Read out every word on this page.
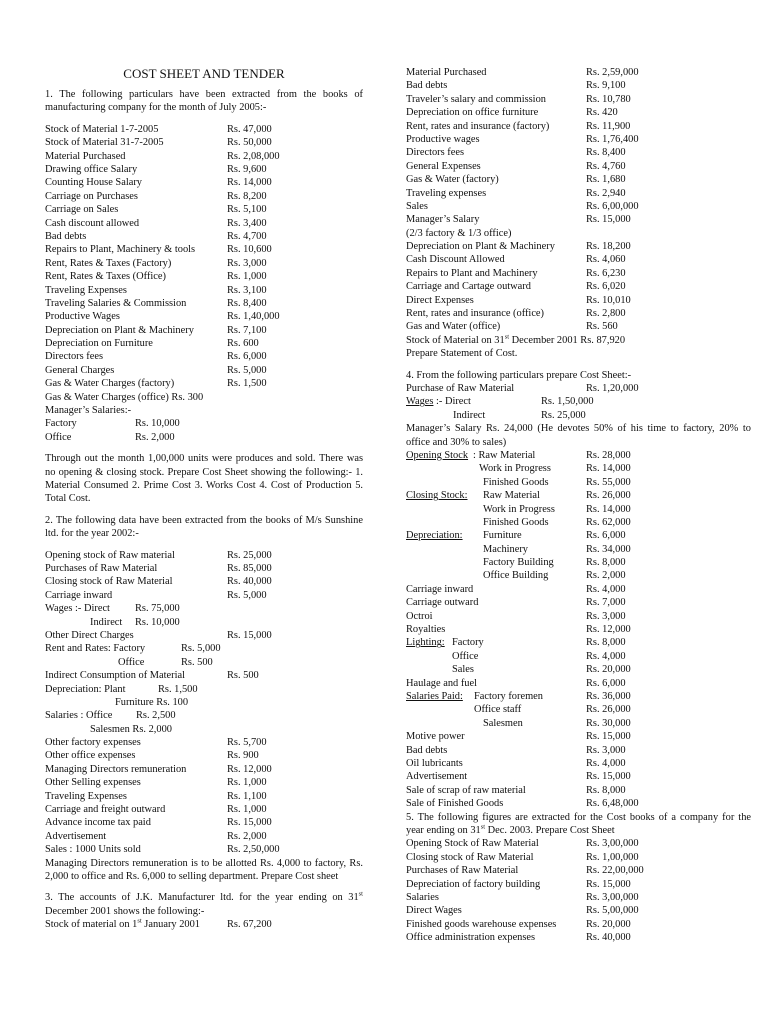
COST SHEET AND TENDER
1. The following particulars have been extracted from the books of manufacturing company for the month of July 2005:-
Stock of Material 1-7-2005	Rs. 47,000
Stock of Material 31-7-2005	Rs. 50,000
Material Purchased	Rs. 2,08,000
Drawing office Salary	Rs. 9,600
Counting House Salary	Rs. 14,000
Carriage on Purchases	Rs. 8,200
Carriage on Sales	Rs. 5,100
Cash discount allowed	Rs. 3,400
Bad debts	Rs. 4,700
Repairs to Plant, Machinery & tools	Rs. 10,600
Rent, Rates & Taxes (Factory)	Rs. 3,000
Rent, Rates & Taxes (Office)	Rs. 1,000
Traveling Expenses	Rs. 3,100
Traveling Salaries & Commission	Rs. 8,400
Productive Wages	Rs. 1,40,000
Depreciation on Plant & Machinery	Rs. 7,100
Depreciation on Furniture	Rs. 600
Directors fees	Rs. 6,000
General Charges	Rs. 5,000
Gas & Water Charges (factory)	Rs. 1,500
Gas & Water Charges (office) Rs. 300
Manager’s Salaries:-
Factory	Rs. 10,000
Office	Rs. 2,000
Through out the month 1,00,000 units were produces and sold. There was no opening & closing stock. Prepare Cost Sheet showing the following:- 1. Material Consumed 2. Prime Cost 3. Works Cost 4. Cost of Production 5. Total Cost.
2. The following data have been extracted from the books of M/s Sunshine ltd. for the year 2002:-
Opening stock of Raw material	Rs. 25,000
Purchases of Raw Material	Rs. 85,000
Closing stock of Raw Material	Rs. 40,000
Carriage inward	Rs. 5,000
Wages :- Direct Rs. 75,000
Indirect Rs. 10,000
Other Direct Charges	Rs. 15,000
Rent and Rates: Factory	Rs. 5,000
Office	Rs. 500
Indirect Consumption of Material	Rs. 500
Depreciation: Plant	Rs. 1,500
Furniture Rs. 100
Salaries : Office Rs. 2,500
Salesmen Rs. 2,000
Other factory expenses	Rs. 5,700
Other office expenses	Rs. 900
Managing Directors remuneration	Rs. 12,000
Other Selling expenses	Rs. 1,000
Traveling Expenses	Rs. 1,100
Carriage and freight outward	Rs. 1,000
Advance income tax paid	Rs. 15,000
Advertisement	Rs. 2,000
Sales : 1000 Units sold	Rs. 2,50,000
Managing Directors remuneration is to be allotted Rs. 4,000 to factory, Rs. 2,000 to office and Rs. 6,000 to selling department. Prepare Cost sheet
3. The accounts of J.K. Manufacturer ltd. for the year ending on 31st December 2001 shows the following:-
Stock of material on 1st January 2001	Rs. 67,200
Material Purchased	Rs. 2,59,000
Bad debts	Rs. 9,100
Traveler’s salary and commission	Rs. 10,780
Depreciation on office furniture	Rs. 420
Rent, rates and insurance (factory)	Rs. 11,900
Productive wages	Rs. 1,76,400
Directors fees	Rs. 8,400
General Expenses	Rs. 4,760
Gas & Water (factory)	Rs. 1,680
Traveling expenses	Rs. 2,940
Sales	Rs. 6,00,000
Manager’s Salary	Rs. 15,000
(2/3 factory & 1/3 office)
Depreciation on Plant & Machinery	Rs. 18,200
Cash Discount Allowed	Rs. 4,060
Repairs to Plant and Machinery	Rs. 6,230
Carriage and Cartage outward	Rs. 6,020
Direct Expenses	Rs. 10,010
Rent, rates and insurance (office)	Rs. 2,800
Gas and Water (office)	Rs. 560
Stock of Material on 31st December 2001 Rs. 87,920
Prepare Statement of Cost.
4. From the following particulars prepare Cost Sheet:-
Purchase of Raw Material	Rs. 1,20,000
Wages :- Direct	Rs. 1,50,000
Indirect	Rs. 25,000
Manager’s Salary Rs. 24,000 (He devotes 50% of his time to factory, 20% to office and 30% to sales)
Opening Stock : Raw Material	Rs. 28,000
Work in Progress	Rs. 14,000
Finished Goods	Rs. 55,000
Closing Stock: Raw Material	Rs. 26,000
Work in Progress	Rs. 14,000
Finished Goods	Rs. 62,000
Depreciation: Furniture	Rs. 6,000
Machinery	Rs. 34,000
Factory Building	Rs. 8,000
Office Building	Rs. 2,000
Carriage inward	Rs. 4,000
Carriage outward	Rs. 7,000
Octroi	Rs. 3,000
Royalties	Rs. 12,000
Lighting: Factory	Rs. 8,000
Office	Rs. 4,000
Sales	Rs. 20,000
Haulage and fuel	Rs. 6,000
Salaries Paid: Factory foremen	Rs. 36,000
Office staff	Rs. 26,000
Salesmen	Rs. 30,000
Motive power	Rs. 15,000
Bad debts	Rs. 3,000
Oil lubricants	Rs. 4,000
Advertisement	Rs. 15,000
Sale of scrap of raw material	Rs. 8,000
Sale of Finished Goods	Rs. 6,48,000
5. The following figures are extracted for the Cost books of a company for the year ending on 31st Dec. 2003. Prepare Cost Sheet
Opening Stock of Raw Material	Rs. 3,00,000
Closing stock of Raw Material	Rs. 1,00,000
Purchases of Raw Material	Rs. 22,00,000
Depreciation of factory building	Rs. 15,000
Salaries	Rs. 3,00,000
Direct Wages	Rs. 5,00,000
Finished goods warehouse expenses	Rs. 20,000
Office administration expenses	Rs. 40,000
